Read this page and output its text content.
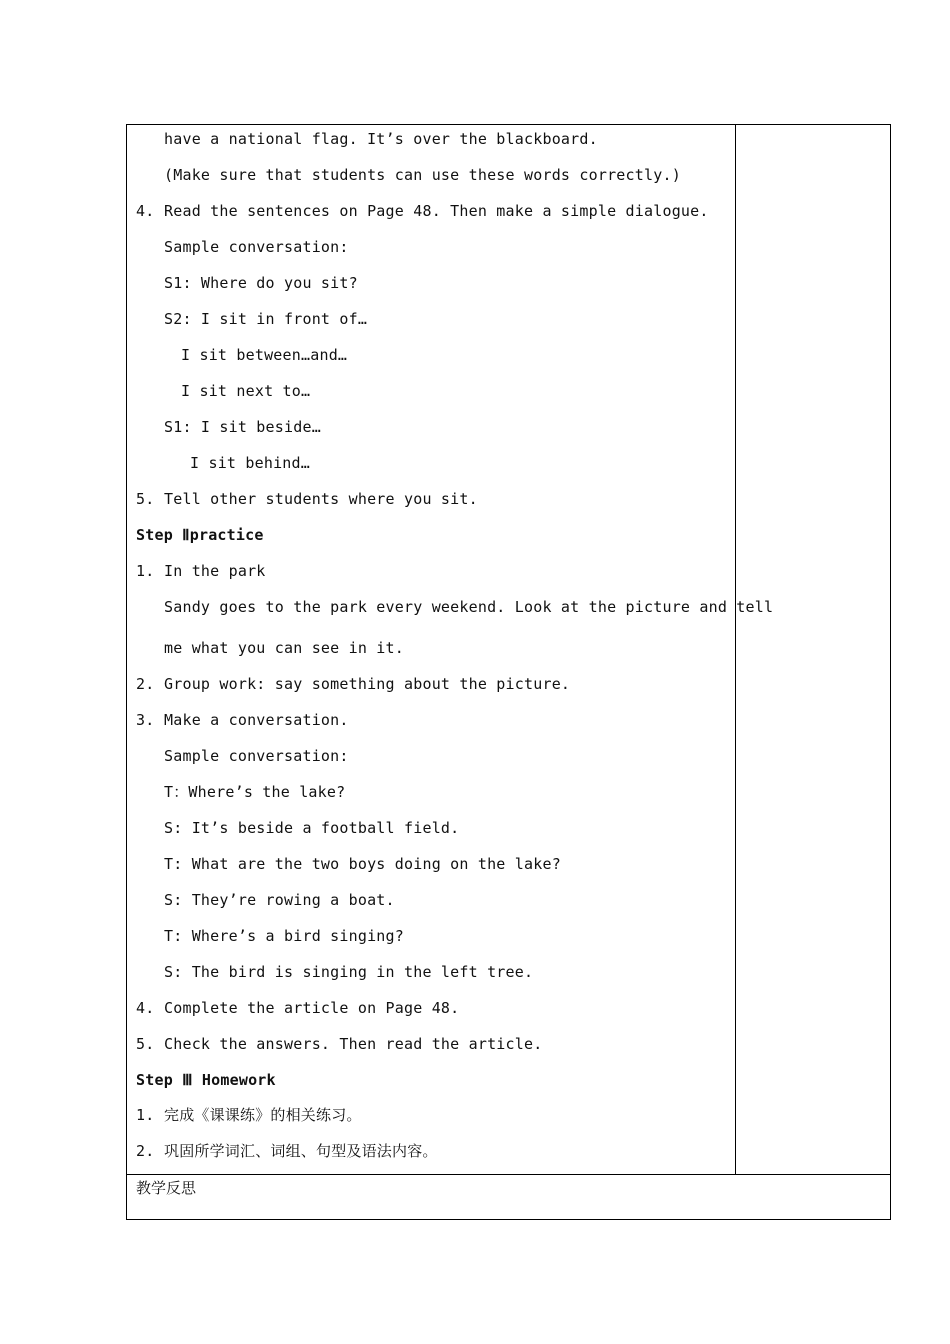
have a national flag. It’s over the blackboard.
(Make sure that students can use these words correctly.)
4. Read the sentences on Page 48. Then make a simple dialogue.
Sample conversation:
S1: Where do you sit?
S2: I sit in front of…
I sit between…and…
I sit next to…
S1: I sit beside…
I sit behind…
5. Tell other students where you sit.
Step Ⅱpractice
1. In the park
Sandy goes to the park every weekend. Look at the picture and tell
me what you can see in it.
2. Group work: say something about the picture.
3. Make a conversation.
Sample conversation:
T：Where’s the lake?
S: It’s beside a football field.
T: What are the two boys doing on the lake?
S: They’re rowing a boat.
T: Where’s a bird singing?
S: The bird is singing in the left tree.
4. Complete the article on Page 48.
5. Check the answers. Then read the article.
Step Ⅲ Homework
1. 完成《课课练》的相关练习。
2. 巩固所学词汇、词组、句型及语法内容。
教学反思
